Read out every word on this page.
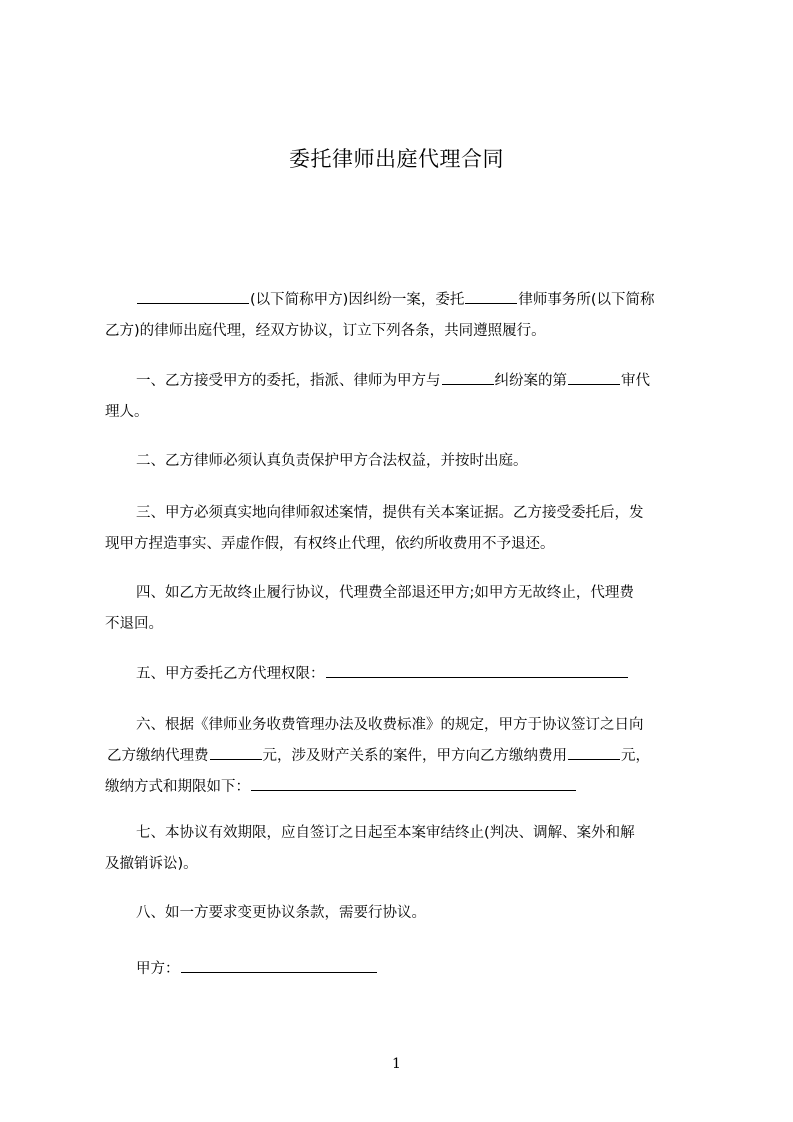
委托律师出庭代理合同
(以下简称甲方)因纠纷一案，委托	律师事务所(以下简称
乙方)的律师出庭代理，经双方协议，订立下列各条，共同遵照履行。
一、乙方接受甲方的委托，指派、律师为甲方与	纠纷案的第	审代
理人。
二、乙方律师必须认真负责保护甲方合法权益，并按时出庭。
三、甲方必须真实地向律师叙述案情，提供有关本案证据。乙方接受委托后，发
现甲方捏造事实、弄虚作假，有权终止代理，依约所收费用不予退还。
四、如乙方无故终止履行协议，代理费全部退还甲方;如甲方无故终止，代理费
不退回。
五、甲方委托乙方代理权限：
六、根据《律师业务收费管理办法及收费标准》的规定，甲方于协议签订之日向
乙方缴纳代理费	元，涉及财产关系的案件，甲方向乙方缴纳费用	元，
缴纳方式和期限如下：
七、本协议有效期限，应自签订之日起至本案审结终止(判决、调解、案外和解
及撤销诉讼)。
八、如一方要求变更协议条款，需要行协议。
甲方：
1
